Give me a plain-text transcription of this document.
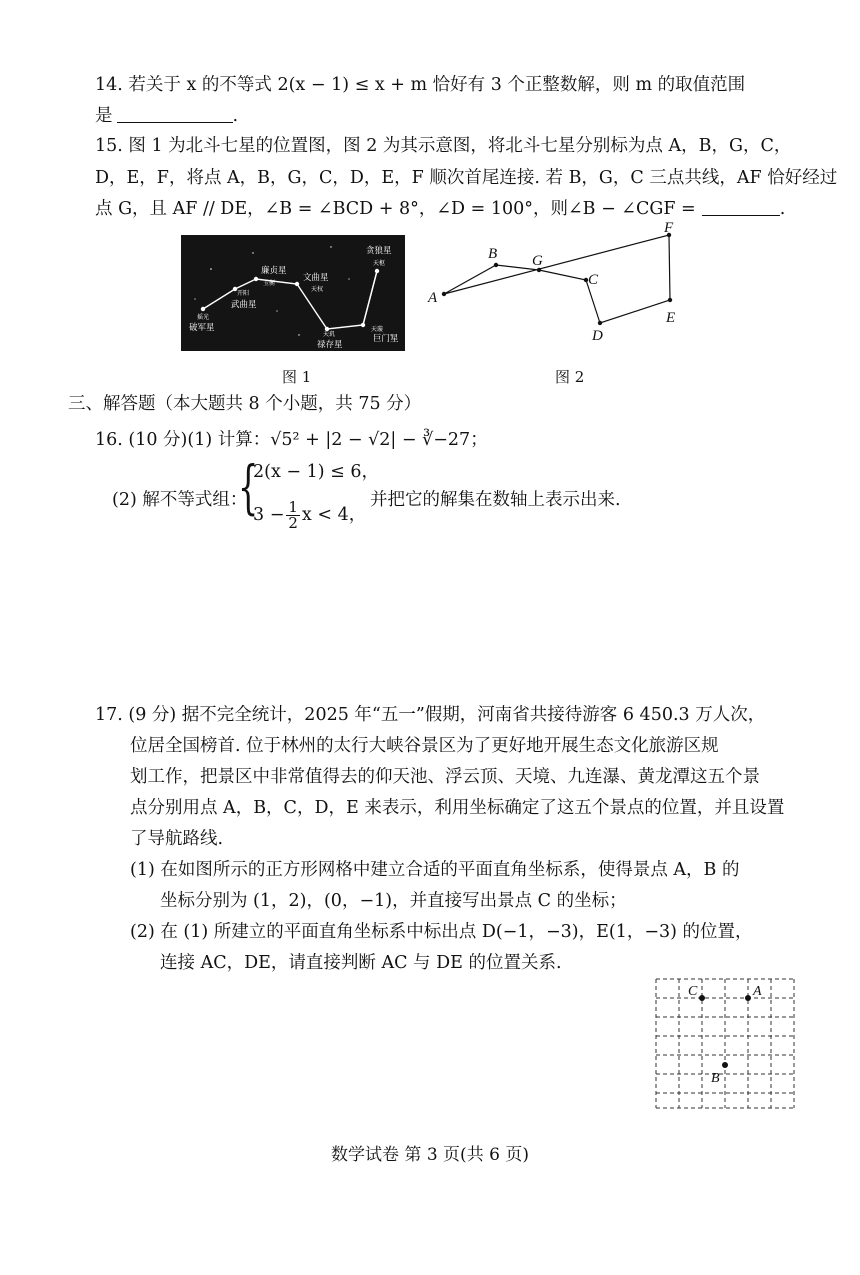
14. 若关于 x 的不等式 2(x − 1) ≤ x + m 恰好有 3 个正整数解，则 m 的取值范围
是	.
15. 图 1 为北斗七星的位置图，图 2 为其示意图，将北斗七星分别标为点 A，B，G，C，
D，E，F，将点 A，B，G，C，D，E，F 顺次首尾连接. 若 B，G，C 三点共线，AF 恰好经过
点 G，且 AF // DE，∠B = ∠BCD + 8°，∠D = 100°，则∠B − ∠CGF =	.
贪狼星
天枢
天璇
巨门星
天玑
禄存星
文曲星
天权
廉贞星
玉衡
开阳
武曲星
摇光
破军星
图 1
A
B G
C
D
E
F
图 2
三、解答题（本大题共 8 个小题，共 75 分）
16. (10 分)(1) 计算：√5² + |2 − √2| − ∛−27；
(2) 解不等式组：
{
2(x − 1) ≤ 6，
$3 - \frac{1}{2}$ x < 4，
并把它的解集在数轴上表示出来.
17. (9 分) 据不完全统计，2025 年“五一”假期，河南省共接待游客 6 450.3 万人次，
位居全国榜首. 位于林州的太行大峡谷景区为了更好地开展生态文化旅游区规
划工作，把景区中非常值得去的仰天池、浮云顶、天境、九连瀑、黄龙潭这五个景
点分别用点 A，B，C，D，E 来表示，利用坐标确定了这五个景点的位置，并且设置
了导航路线.
(1) 在如图所示的正方形网格中建立合适的平面直角坐标系，使得景点 A，B 的
坐标分别为 (1，2)，(0，−1)，并直接写出景点 C 的坐标；
(2) 在 (1) 所建立的平面直角坐标系中标出点 D(−1，−3)，E(1，−3) 的位置，
连接 AC，DE，请直接判断 AC 与 DE 的位置关系.
C	A
B
数学试卷 第 3 页(共 6 页)
